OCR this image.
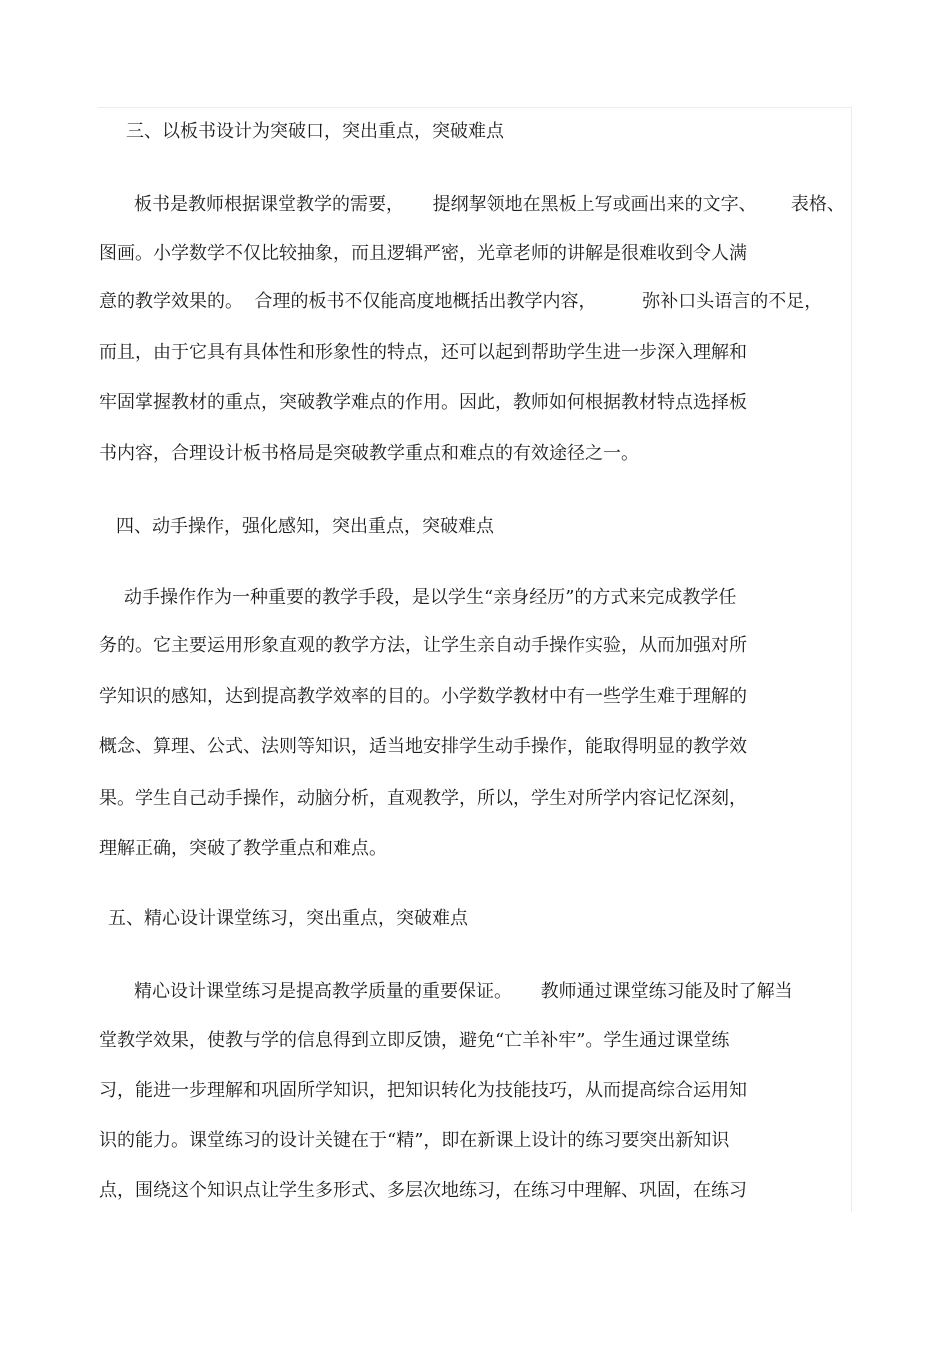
三、以板书设计为突破口，突出重点，突破难点

板书是教师根据课堂教学的需要，     提纲挈领地在黑板上写或画出来的文字、      表格、

图画。小学数学不仅比较抽象，而且逻辑严密，光章老师的讲解是很难收到令人满

意的教学效果的。  合理的板书不仅能高度地概括出教学内容，        弥补口头语言的不足，

而且，由于它具有具体性和形象性的特点，还可以起到帮助学生进一步深入理解和

牢固掌握教材的重点，突破教学难点的作用。因此，教师如何根据教材特点选择板

书内容，合理设计板书格局是突破教学重点和难点的有效途径之一。

四、动手操作，强化感知，突出重点，突破难点

动手操作作为一种重要的教学手段，是以学生“亲身经历”的方式来完成教学任

务的。它主要运用形象直观的教学方法，让学生亲自动手操作实验，从而加强对所

学知识的感知，达到提高教学效率的目的。小学数学教材中有一些学生难于理解的

概念、算理、公式、法则等知识，适当地安排学生动手操作，能取得明显的教学效

果。学生自己动手操作，动脑分析，直观教学，所以，学生对所学内容记忆深刻，

理解正确，突破了教学重点和难点。

五、精心设计课堂练习，突出重点，突破难点

精心设计课堂练习是提高教学质量的重要保证。     教师通过课堂练习能及时了解当

堂教学效果，使教与学的信息得到立即反馈，避免“亡羊补牢”。学生通过课堂练

习，能进一步理解和巩固所学知识，把知识转化为技能技巧，从而提高综合运用知

识的能力。课堂练习的设计关键在于“精”，即在新课上设计的练习要突出新知识

点，围绕这个知识点让学生多形式、多层次地练习，在练习中理解、巩固，在练习
